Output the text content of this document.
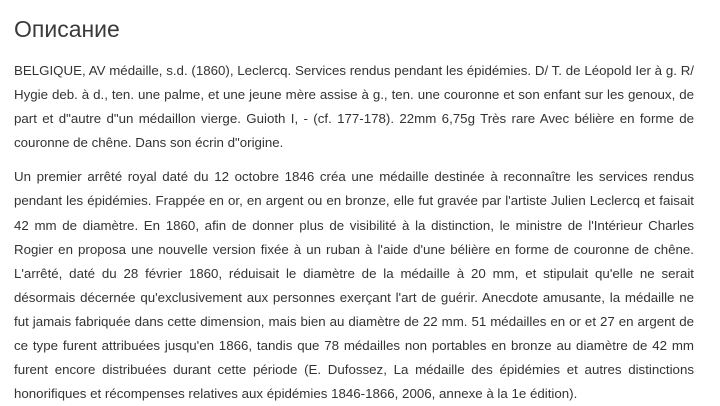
Описание

BELGIQUE, AV médaille, s.d. (1860), Leclercq. Services rendus pendant les épidémies. D/ T. de Léopold Ier à g. R/ Hygie deb. à d., ten. une palme, et une jeune mère assise à g., ten. une couronne et son enfant sur les genoux, de part et d"autre d"un médaillon vierge. Guioth I, - (cf. 177-178). 22mm 6,75g Très rare Avec bélière en forme de couronne de chêne. Dans son écrin d"origine.

Un premier arrêté royal daté du 12 octobre 1846 créa une médaille destinée à reconnaître les services rendus pendant les épidémies. Frappée en or, en argent ou en bronze, elle fut gravée par l'artiste Julien Leclercq et faisait 42 mm de diamètre. En 1860, afin de donner plus de visibilité à la distinction, le ministre de l'Intérieur Charles Rogier en proposa une nouvelle version fixée à un ruban à l'aide d'une bélière en forme de couronne de chêne. L'arrêté, daté du 28 février 1860, réduisait le diamètre de la médaille à 20 mm, et stipulait qu'elle ne serait désormais décernée qu'exclusivement aux personnes exerçant l'art de guérir. Anecdote amusante, la médaille ne fut jamais fabriquée dans cette dimension, mais bien au diamètre de 22 mm. 51 médailles en or et 27 en argent de ce type furent attribuées jusqu'en 1866, tandis que 78 médailles non portables en bronze au diamètre de 42 mm furent encore distribuées durant cette période (E. Dufossez, La médaille des épidémies et autres distinctions honorifiques et récompenses relatives aux épidémies 1846-1866, 2006, annexe à la 1e édition).
